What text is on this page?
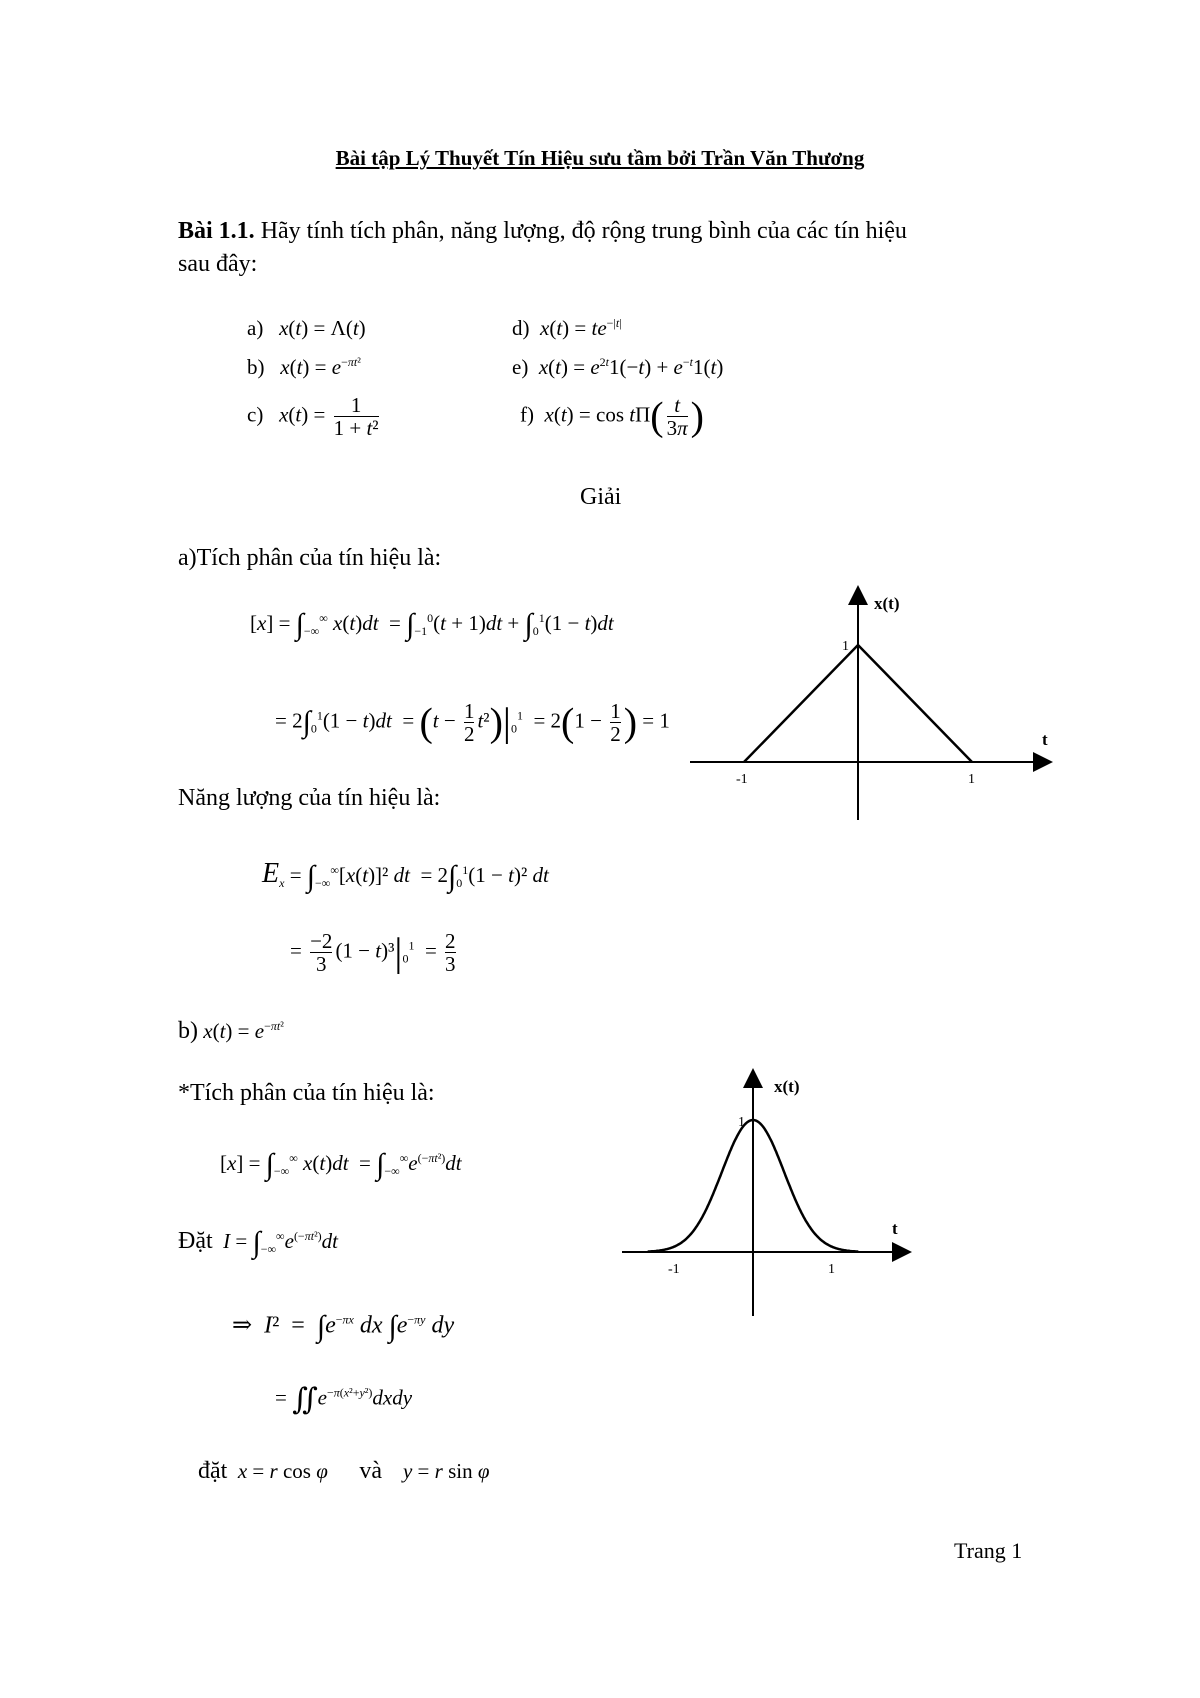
Bài tập Lý Thuyết Tín Hiệu sưu tầm bởi Trần Văn Thương
Bài 1.1. Hãy tính tích phân, năng lượng, độ rộng trung bình của các tín hiệu
sau đây:
a) x(t) = Λ(t)
b) $x(t) = e^{-\pi t^2}$
c) $x(t) = \frac{1}{\text{1 + t²}}$
d) $x(t) = te^{-|t|}$
e) $x(t) = e^{2t}1(-t) + e^{-t}1(t)$
f) $x(t) = \cos t\Pi( \frac{t}{3\pi}$ )
Giải
a)Tích phân của tín hiệu là:
$[x] = \int_{-\infty}^\infty$ $x(t)dt = \int_{-1}^0(t + 1)dt + \int_0^1(1 - t)dt$
= $2\int_0^1(1 - t)dt = (t - \frac{1}{2} t^2)|_0^1 = 2(1 - \frac{1}{2}$ ) = 1
Năng lượng của tín hiệu là:
$E_x = \int_{-\infty}^\infty[x(t)]^2$ dt  = $2\int_0^1(1 - t)^2$ dt
= $\frac{-2}{3} (1 - t)^3|_0^1 = \frac{2}{3}$
b) $x(t) = e^{-\pi t^2}$
*Tích phân của tín hiệu là:
$[x] = \int_{-\infty}^\infty$ $x(t)dt = \int_{-\infty}^\infty e^{(-\pi t^2)}dt$
Đặt $I = \int_{-\infty}^\infty e^{(-\pi t^2)}dt$
⇒  $I^2 = \int e^{-\pi x}$ dx $\int e^{-\pi y}$ dy
= $∬e^{-\pi(x^2+y^2)}dxdy$
đặt x = r cos φ và y = r sin φ
Trang 1
x(t)
t
1
-1	1
x(t)
t
1
-1	1
